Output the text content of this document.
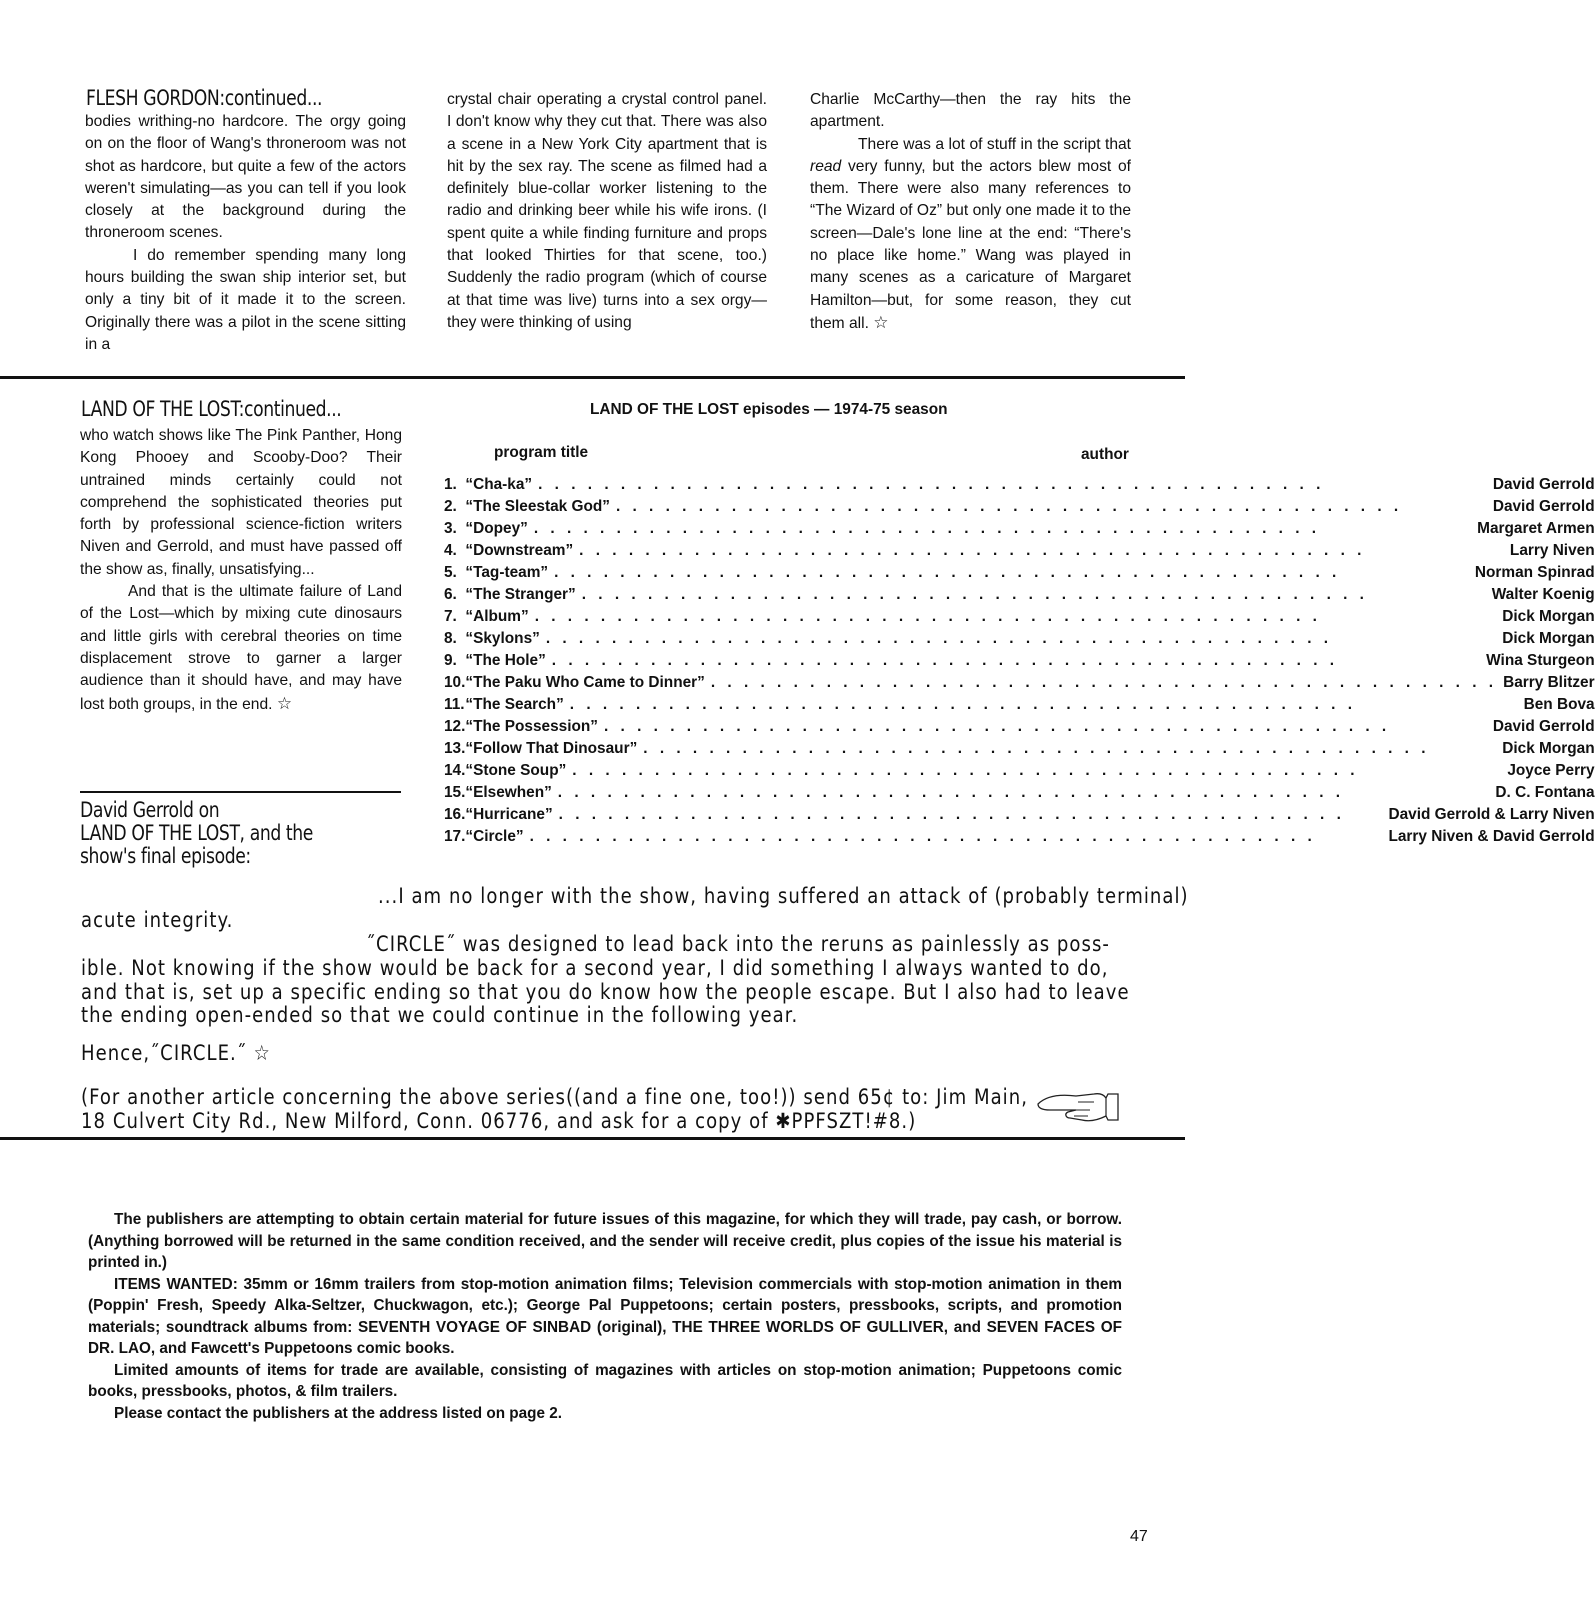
FLESH GORDON:continued...

bodies writhing-no hardcore. The orgy going on on the floor of Wang's throneroom was not shot as hardcore, but quite a few of the actors weren't simulating—as you can tell if you look closely at the background during the throneroom scenes.

I do remember spending many long hours building the swan ship interior set, but only a tiny bit of it made it to the screen. Originally there was a pilot in the scene sitting in a

crystal chair operating a crystal control panel. I don't know why they cut that. There was also a scene in a New York City apartment that is hit by the sex ray. The scene as filmed had a definitely blue-collar worker listening to the radio and drinking beer while his wife irons. (I spent quite a while finding furniture and props that looked Thirties for that scene, too.) Suddenly the radio program (which of course at that time was live) turns into a sex orgy—they were thinking of using

Charlie McCarthy—then the ray hits the apartment.

There was a lot of stuff in the script that read very funny, but the actors blew most of them. There were also many references to “The Wizard of Oz” but only one made it to the screen—Dale's lone line at the end: “There's no place like home.” Wang was played in many scenes as a caricature of Margaret Hamilton—but, for some reason, they cut them all. ☆

LAND OF THE LOST:continued...

who watch shows like The Pink Panther, Hong Kong Phooey and Scooby-Doo? Their untrained minds certainly could not comprehend the sophisticated theories put forth by professional science-fiction writers Niven and Gerrold, and must have passed off the show as, finally, unsatisfying...

And that is the ultimate failure of Land of the Lost—which by mixing cute dinosaurs and little girls with cerebral theories on time displacement strove to garner a larger audience than it should have, and may have lost both groups, in the end. ☆

David Gerrold on
LAND OF THE LOST, and the
show's final episode:
LAND OF THE LOST episodes — 1974-75 season
program title	author
1.	“Cha-ka” . . . . . . . . . . . . . . . . . . . . . . . . . . . . . . . . . . . . . . . . . . . . . . . . David Gerrold

2.	“The Sleestak God” . . . . . . . . . . . . . . . . . . . . . . . . . . . . . . . . . . . . . . . . . . . . . . . . David Gerrold

3.	“Dopey” . . . . . . . . . . . . . . . . . . . . . . . . . . . . . . . . . . . . . . . . . . . . . . . . Margaret Armen

4.	“Downstream” . . . . . . . . . . . . . . . . . . . . . . . . . . . . . . . . . . . . . . . . . . . . . . . . Larry Niven

5.	“Tag-team” . . . . . . . . . . . . . . . . . . . . . . . . . . . . . . . . . . . . . . . . . . . . . . . . Norman Spinrad

6.	“The Stranger” . . . . . . . . . . . . . . . . . . . . . . . . . . . . . . . . . . . . . . . . . . . . . . . . Walter Koenig

7.	“Album” . . . . . . . . . . . . . . . . . . . . . . . . . . . . . . . . . . . . . . . . . . . . . . . . Dick Morgan

8.	“Skylons” . . . . . . . . . . . . . . . . . . . . . . . . . . . . . . . . . . . . . . . . . . . . . . . . Dick Morgan

9.	“The Hole” . . . . . . . . . . . . . . . . . . . . . . . . . . . . . . . . . . . . . . . . . . . . . . . . Wina Sturgeon

10.	“The Paku Who Came to Dinner” . . . . . . . . . . . . . . . . . . . . . . . . . . . . . . . . . . . . . . . . . . . . . . . . Barry Blitzer

11.	“The Search” . . . . . . . . . . . . . . . . . . . . . . . . . . . . . . . . . . . . . . . . . . . . . . . . Ben Bova

12.	“The Possession” . . . . . . . . . . . . . . . . . . . . . . . . . . . . . . . . . . . . . . . . . . . . . . . . David Gerrold

13.	“Follow That Dinosaur” . . . . . . . . . . . . . . . . . . . . . . . . . . . . . . . . . . . . . . . . . . . . . . . . Dick Morgan

14.	“Stone Soup” . . . . . . . . . . . . . . . . . . . . . . . . . . . . . . . . . . . . . . . . . . . . . . . . Joyce Perry

15.	“Elsewhen” . . . . . . . . . . . . . . . . . . . . . . . . . . . . . . . . . . . . . . . . . . . . . . . . D. C. Fontana

16.	“Hurricane” . . . . . . . . . . . . . . . . . . . . . . . . . . . . . . . . . . . . . . . . . . . . . . . . David Gerrold & Larry Niven

17.	“Circle” . . . . . . . . . . . . . . . . . . . . . . . . . . . . . . . . . . . . . . . . . . . . . . . . Larry Niven & David Gerrold
...I am no longer with the show, having suffered an attack of (probably terminal)
acute integrity.
˝CIRCLE˝ was designed to lead back into the reruns as painlessly as poss-
ible. Not knowing if the show would be back for a second year, I did something I always wanted to do,
and that is, set up a specific ending so that you do know how the people escape. But I also had to leave
the ending open-ended so that we could continue in the following year.
Hence,˝CIRCLE.˝ ☆
(For another article concerning the above series((and a fine one, too!)) send 65¢ to: Jim Main,
18 Culvert City Rd., New Milford, Conn. 06776, and ask for a copy of ✱PPFSZT!#8.)

The publishers are attempting to obtain certain material for future issues of this magazine, for which they will trade, pay cash, or borrow. (Anything borrowed will be returned in the same condition received, and the sender will receive credit, plus copies of the issue his material is printed in.)

ITEMS WANTED: 35mm or 16mm trailers from stop-motion animation films; Television commercials with stop-motion animation in them (Poppin' Fresh, Speedy Alka-Seltzer, Chuckwagon, etc.); George Pal Puppetoons; certain posters, pressbooks, scripts, and promotion materials; soundtrack albums from: SEVENTH VOYAGE OF SINBAD (original), THE THREE WORLDS OF GULLIVER, and SEVEN FACES OF DR. LAO, and Fawcett's Puppetoons comic books.

Limited amounts of items for trade are available, consisting of magazines with articles on stop-motion animation; Puppetoons comic books, pressbooks, photos, & film trailers.

Please contact the publishers at the address listed on page 2.

47
